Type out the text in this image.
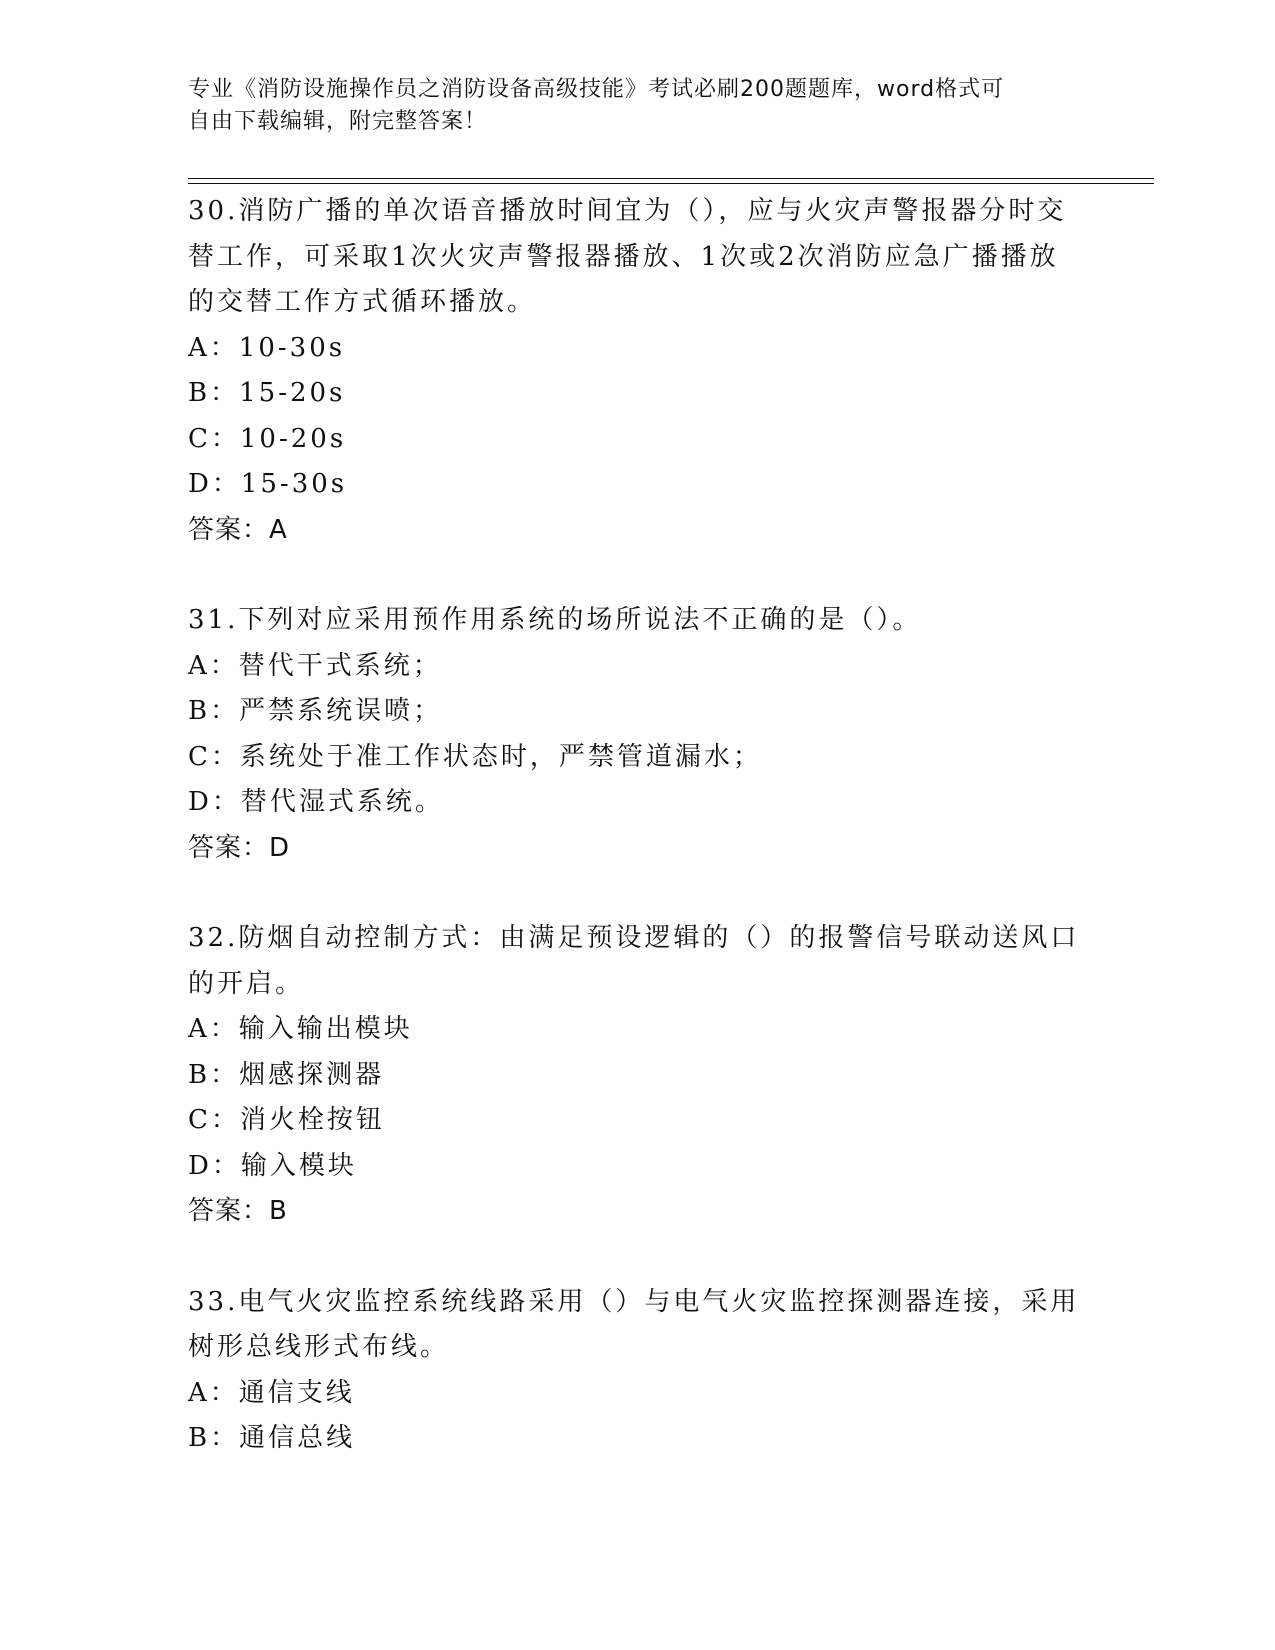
专业《消防设施操作员之消防设备高级技能》考试必刷200题题库，word格式可
自由下载编辑，附完整答案！
30.消防广播的单次语音播放时间宜为（），应与火灾声警报器分时交
替工作，可采取1次火灾声警报器播放、1次或2次消防应急广播播放
的交替工作方式循环播放。
A：10-30s
B：15-20s
C：10-20s
D：15-30s
答案：A
31.下列对应采用预作用系统的场所说法不正确的是（）。
A：替代干式系统；
B：严禁系统误喷；
C：系统处于准工作状态时，严禁管道漏水；
D：替代湿式系统。
答案：D
32.防烟自动控制方式：由满足预设逻辑的（）的报警信号联动送风口
的开启。
A：输入输出模块
B：烟感探测器
C：消火栓按钮
D：输入模块
答案：B
33.电气火灾监控系统线路采用（）与电气火灾监控探测器连接，采用
树形总线形式布线。
A：通信支线
B：通信总线
